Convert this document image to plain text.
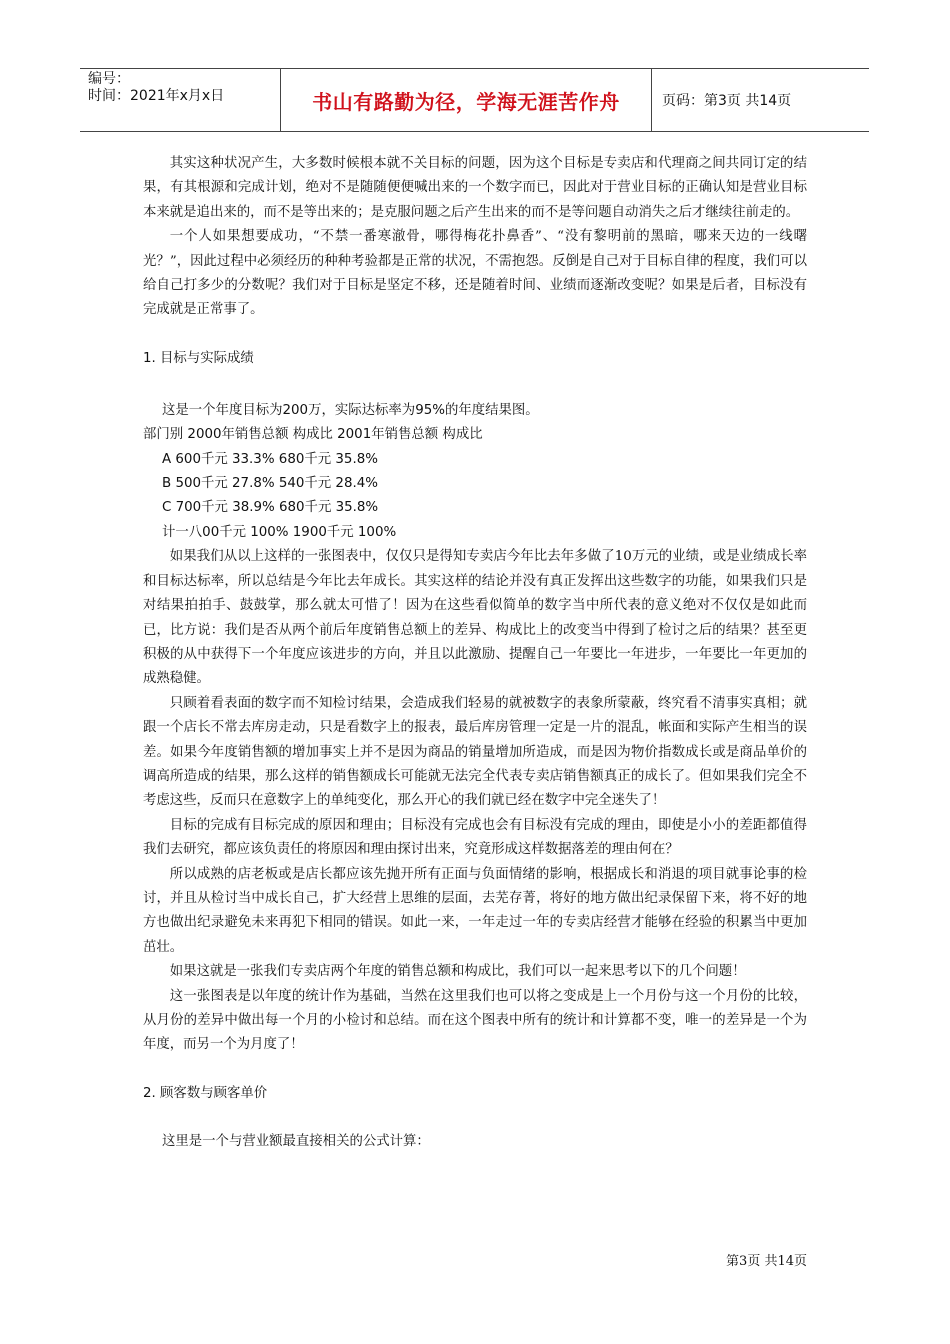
编号：
时间：2021年x月x日	书山有路勤为径，学海无涯苦作舟	页码：第3页 共14页

其实这种状况产生，大多数时候根本就不关目标的问题，因为这个目标是专卖店和代理商之间共同订定的结果，有其根源和完成计划，绝对不是随随便便喊出来的一个数字而已，因此对于营业目标的正确认知是营业目标本来就是追出来的，而不是等出来的；是克服问题之后产生出来的而不是等问题自动消失之后才继续往前走的。

一个人如果想要成功，“不禁一番寒澈骨，哪得梅花扑鼻香”、“没有黎明前的黑暗，哪来天边的一线曙光？”，因此过程中必须经历的种种考验都是正常的状况，不需抱怨。反倒是自己对于目标自律的程度，我们可以给自己打多少的分数呢？我们对于目标是坚定不移，还是随着时间、业绩而逐渐改变呢？如果是后者，目标没有完成就是正常事了。

1. 目标与实际成绩

这是一个年度目标为200万，实际达标率为95%的年度结果图。

部门别 2000年销售总额 构成比 2001年销售总额 构成比

A 600千元 33.3% 680千元 35.8%

B 500千元 27.8% 540千元 28.4%

C 700千元 38.9% 680千元 35.8%

计一八00千元 100% 1900千元 100%

如果我们从以上这样的一张图表中，仅仅只是得知专卖店今年比去年多做了10万元的业绩，或是业绩成长率和目标达标率，所以总结是今年比去年成长。其实这样的结论并没有真正发挥出这些数字的功能，如果我们只是对结果拍拍手、鼓鼓掌，那么就太可惜了！因为在这些看似简单的数字当中所代表的意义绝对不仅仅是如此而已，比方说：我们是否从两个前后年度销售总额上的差异、构成比上的改变当中得到了检讨之后的结果？甚至更积极的从中获得下一个年度应该进步的方向，并且以此激励、提醒自己一年要比一年进步，一年要比一年更加的成熟稳健。

只顾着看表面的数字而不知检讨结果，会造成我们轻易的就被数字的表象所蒙蔽，终究看不清事实真相；就跟一个店长不常去库房走动，只是看数字上的报表，最后库房管理一定是一片的混乱，帐面和实际产生相当的误差。如果今年度销售额的增加事实上并不是因为商品的销量增加所造成，而是因为物价指数成长或是商品单价的调高所造成的结果，那么这样的销售额成长可能就无法完全代表专卖店销售额真正的成长了。但如果我们完全不考虑这些，反而只在意数字上的单纯变化，那么开心的我们就已经在数字中完全迷失了！

目标的完成有目标完成的原因和理由；目标没有完成也会有目标没有完成的理由，即使是小小的差距都值得我们去研究，都应该负责任的将原因和理由探讨出来，究竟形成这样数据落差的理由何在？

所以成熟的店老板或是店长都应该先抛开所有正面与负面情绪的影响，根据成长和消退的项目就事论事的检讨，并且从检讨当中成长自己，扩大经营上思维的层面，去芜存菁，将好的地方做出纪录保留下来，将不好的地方也做出纪录避免未来再犯下相同的错误。如此一来，一年走过一年的专卖店经营才能够在经验的积累当中更加茁壮。

如果这就是一张我们专卖店两个年度的销售总额和构成比，我们可以一起来思考以下的几个问题！

这一张图表是以年度的统计作为基础，当然在这里我们也可以将之变成是上一个月份与这一个月份的比较，从月份的差异中做出每一个月的小检讨和总结。而在这个图表中所有的统计和计算都不变，唯一的差异是一个为年度，而另一个为月度了！

2. 顾客数与顾客单价

这里是一个与营业额最直接相关的公式计算：

第3页 共14页
